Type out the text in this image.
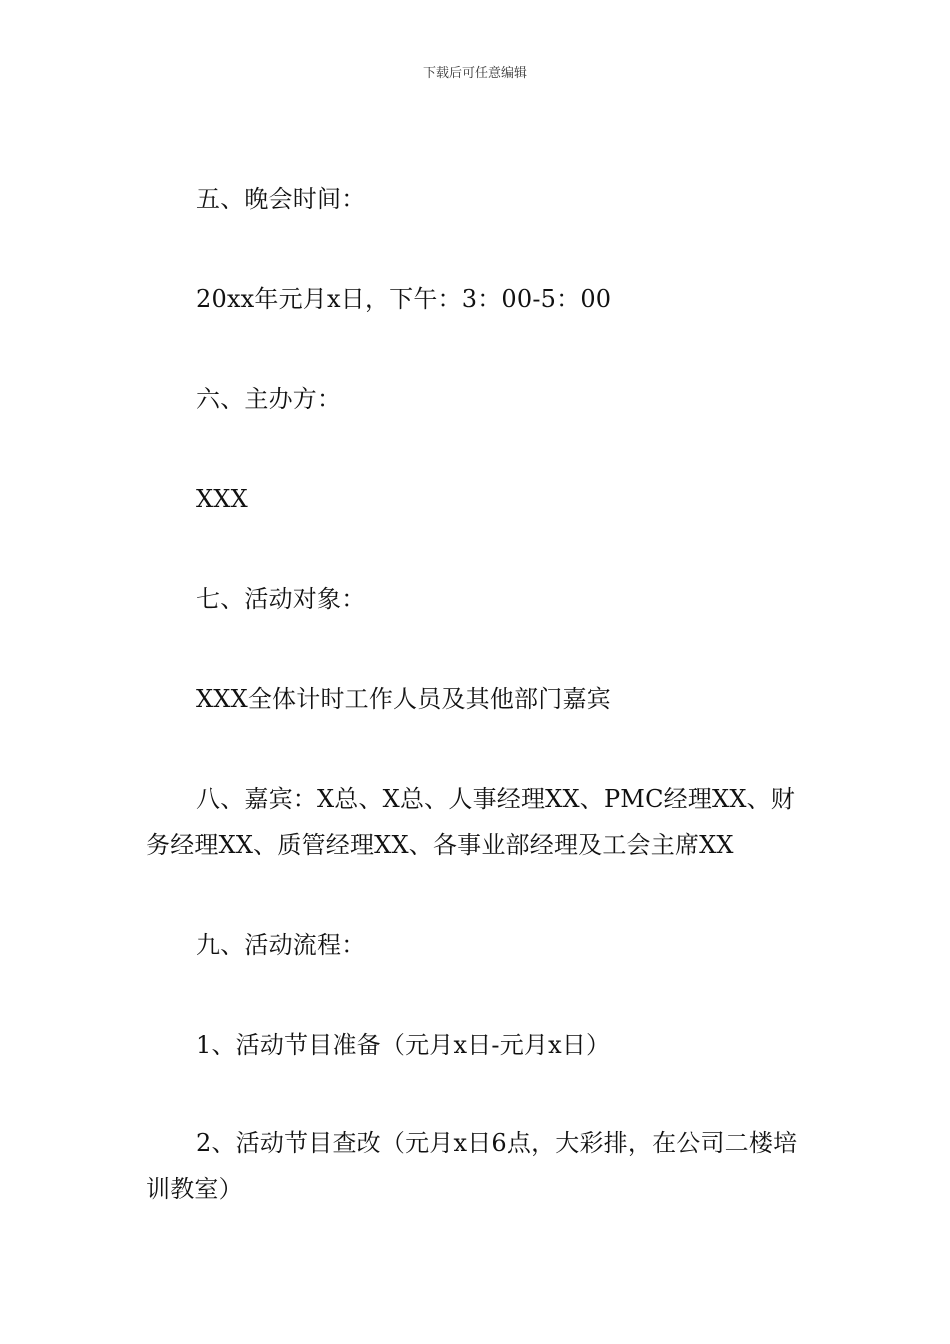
下载后可任意编辑
五、晚会时间：
20xx年元月x日，下午：3：00-5：00
六、主办方：
XXX
七、活动对象：
XXX全体计时工作人员及其他部门嘉宾
八、嘉宾：X总、X总、人事经理XX、PMC经理XX、财务经理XX、质管经理XX、各事业部经理及工会主席XX
九、活动流程：
1、活动节目准备（元月x日-元月x日）
2、活动节目查改（元月x日6点，大彩排，在公司二楼培训教室）
